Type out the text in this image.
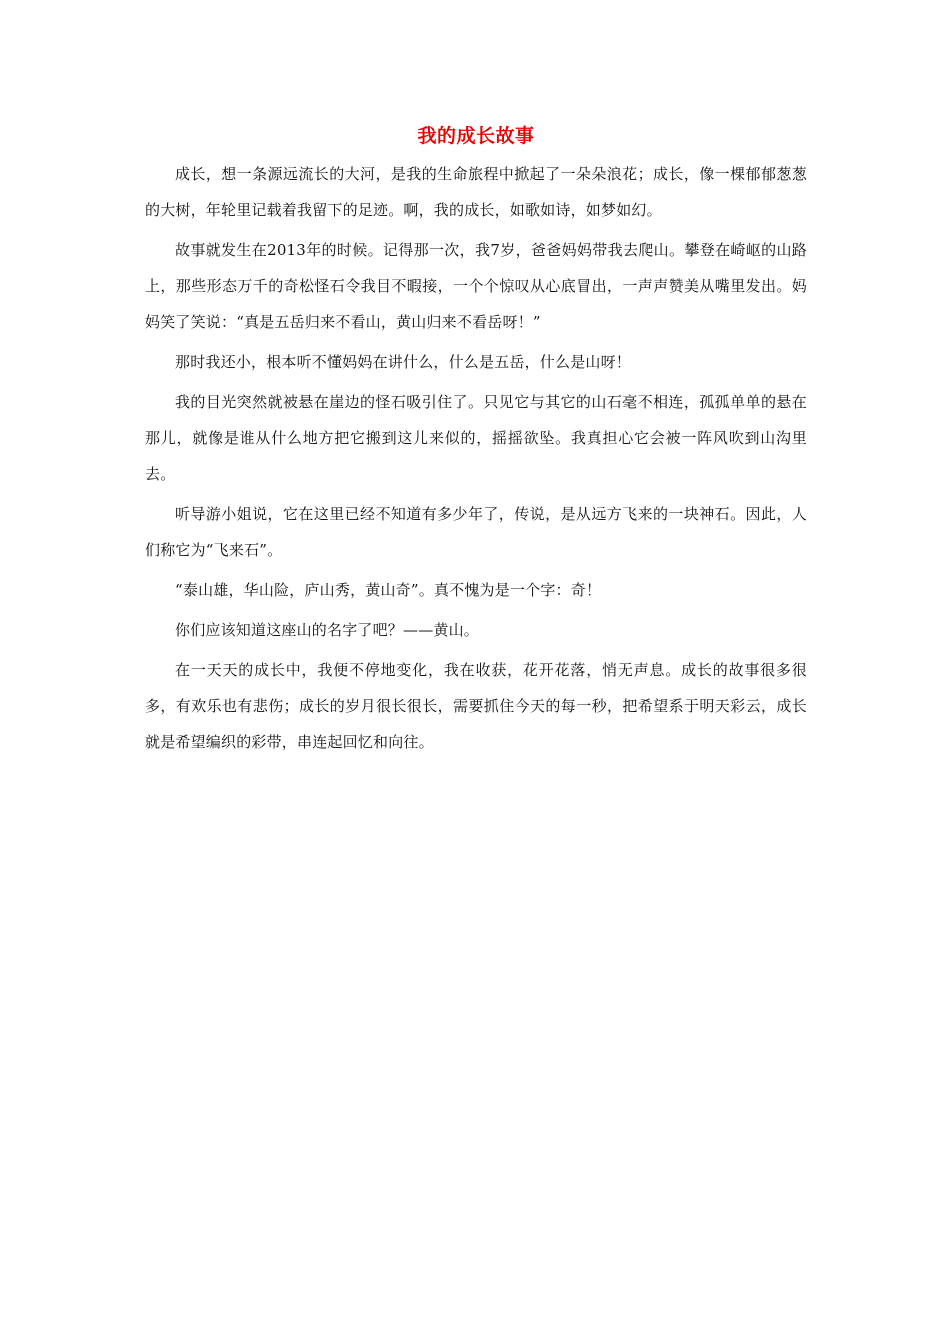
我的成长故事

成长，想一条源远流长的大河，是我的生命旅程中掀起了一朵朵浪花；成长，像一棵郁郁葱葱的大树，年轮里记载着我留下的足迹。啊，我的成长，如歌如诗，如梦如幻。

故事就发生在2013年的时候。记得那一次，我7岁，爸爸妈妈带我去爬山。攀登在崎岖的山路上，那些形态万千的奇松怪石令我目不暇接，一个个惊叹从心底冒出，一声声赞美从嘴里发出。妈妈笑了笑说：“真是五岳归来不看山，黄山归来不看岳呀！”

那时我还小，根本听不懂妈妈在讲什么，什么是五岳，什么是山呀！

我的目光突然就被悬在崖边的怪石吸引住了。只见它与其它的山石毫不相连，孤孤单单的悬在那儿，就像是谁从什么地方把它搬到这儿来似的，摇摇欲坠。我真担心它会被一阵风吹到山沟里去。

听导游小姐说，它在这里已经不知道有多少年了，传说，是从远方飞来的一块神石。因此，人们称它为“飞来石”。

“泰山雄，华山险，庐山秀，黄山奇”。真不愧为是一个字：奇！

你们应该知道这座山的名字了吧？——黄山。

在一天天的成长中，我便不停地变化，我在收获，花开花落，悄无声息。成长的故事很多很多，有欢乐也有悲伤；成长的岁月很长很长，需要抓住今天的每一秒，把希望系于明天彩云，成长就是希望编织的彩带，串连起回忆和向往。
